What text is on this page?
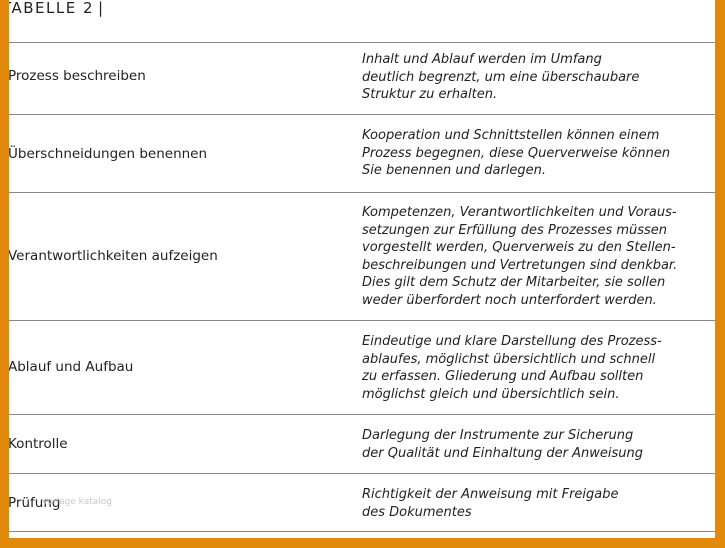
TABELLE 2 |
Prozess beschreiben
Inhalt und Ablauf werden im Umfang
deutlich begrenzt, um eine überschaubare
Struktur zu erhalten.
Überschneidungen benennen
Kooperation und Schnittstellen können einem
Prozess begegnen, diese Querverweise können
Sie benennen und darlegen.
Verantwortlichkeiten aufzeigen
Kompetenzen, Verantwortlichkeiten und Voraus-
setzungen zur Erfüllung des Prozesses müssen
vorgestellt werden, Querverweis zu den Stellen-
beschreibungen und Vertretungen sind denkbar.
Dies gilt dem Schutz der Mitarbeiter, sie sollen
weder überfordert noch unterfordert werden.
Ablauf und Aufbau
Eindeutige und klare Darstellung des Prozess-
ablaufes, möglichst übersichtlich und schnell
zu erfassen. Gliederung und Aufbau sollten
möglichst gleich und übersichtlich sein.
Kontrolle
Darlegung der Instrumente zur Sicherung
der Qualität und Einhaltung der Anweisung
Prüfung
Richtigkeit der Anweisung mit Freigabe
des Dokumentes
vorlage katalog
